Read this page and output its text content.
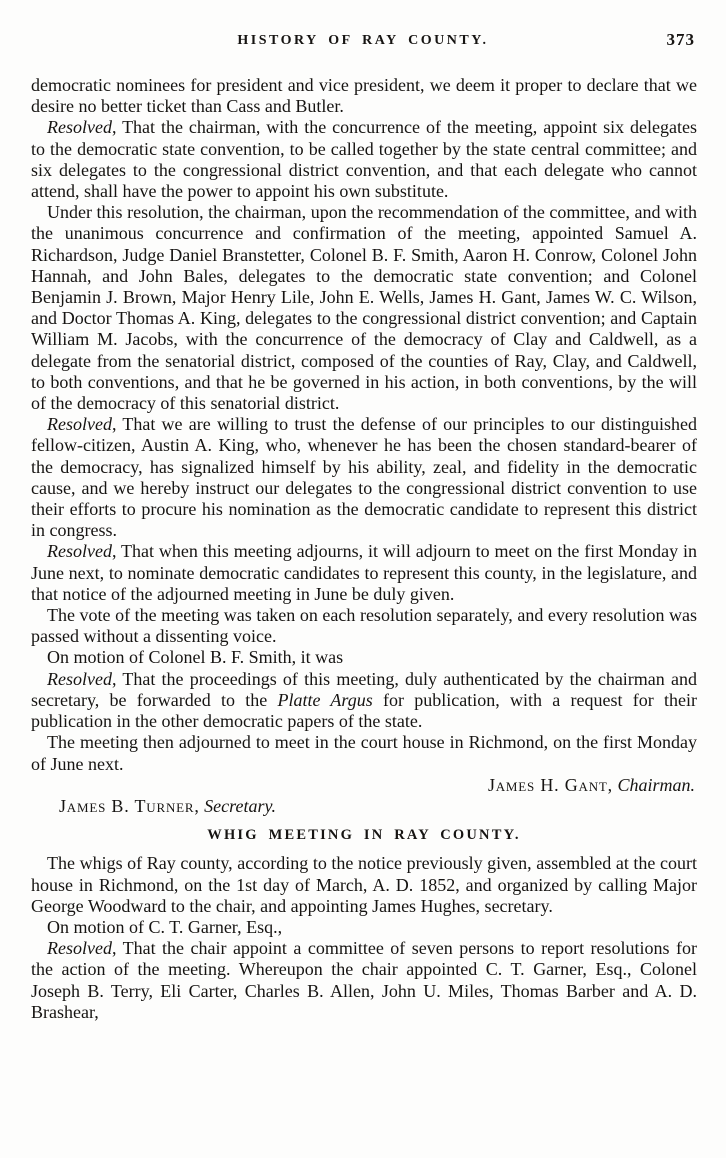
HISTORY OF RAY COUNTY.	373

democratic nominees for president and vice president, we deem it proper to declare that we desire no better ticket than Cass and Butler.

Resolved, That the chairman, with the concurrence of the meeting, appoint six delegates to the democratic state convention, to be called together by the state central committee; and six delegates to the congressional district convention, and that each delegate who cannot attend, shall have the power to appoint his own substitute.

Under this resolution, the chairman, upon the recommendation of the committee, and with the unanimous concurrence and confirmation of the meeting, appointed Samuel A. Richardson, Judge Daniel Branstetter, Colonel B. F. Smith, Aaron H. Conrow, Colonel John Hannah, and John Bales, delegates to the democratic state convention; and Colonel Benjamin J. Brown, Major Henry Lile, John E. Wells, James H. Gant, James W. C. Wilson, and Doctor Thomas A. King, delegates to the congressional district convention; and Captain William M. Jacobs, with the concurrence of the democracy of Clay and Caldwell, as a delegate from the senatorial district, composed of the counties of Ray, Clay, and Caldwell, to both conventions, and that he be governed in his action, in both conventions, by the will of the democracy of this senatorial district.

Resolved, That we are willing to trust the defense of our principles to our distinguished fellow-citizen, Austin A. King, who, whenever he has been the chosen standard-bearer of the democracy, has signalized himself by his ability, zeal, and fidelity in the democratic cause, and we hereby instruct our delegates to the congressional district convention to use their efforts to procure his nomination as the democratic candidate to represent this district in congress.

Resolved, That when this meeting adjourns, it will adjourn to meet on the first Monday in June next, to nominate democratic candidates to represent this county, in the legislature, and that notice of the adjourned meeting in June be duly given.

The vote of the meeting was taken on each resolution separately, and every resolution was passed without a dissenting voice.

On motion of Colonel B. F. Smith, it was

Resolved, That the proceedings of this meeting, duly authenticated by the chairman and secretary, be forwarded to the Platte Argus for publication, with a request for their publication in the other democratic papers of the state.

The meeting then adjourned to meet in the court house in Richmond, on the first Monday of June next.

James H. Gant, Chairman.

James B. Turner, Secretary.

WHIG MEETING IN RAY COUNTY.

The whigs of Ray county, according to the notice previously given, assembled at the court house in Richmond, on the 1st day of March, A. D. 1852, and organized by calling Major George Woodward to the chair, and appointing James Hughes, secretary.

On motion of C. T. Garner, Esq.,

Resolved, That the chair appoint a committee of seven persons to report resolutions for the action of the meeting. Whereupon the chair appointed C. T. Garner, Esq., Colonel Joseph B. Terry, Eli Carter, Charles B. Allen, John U. Miles, Thomas Barber and A. D. Brashear,
